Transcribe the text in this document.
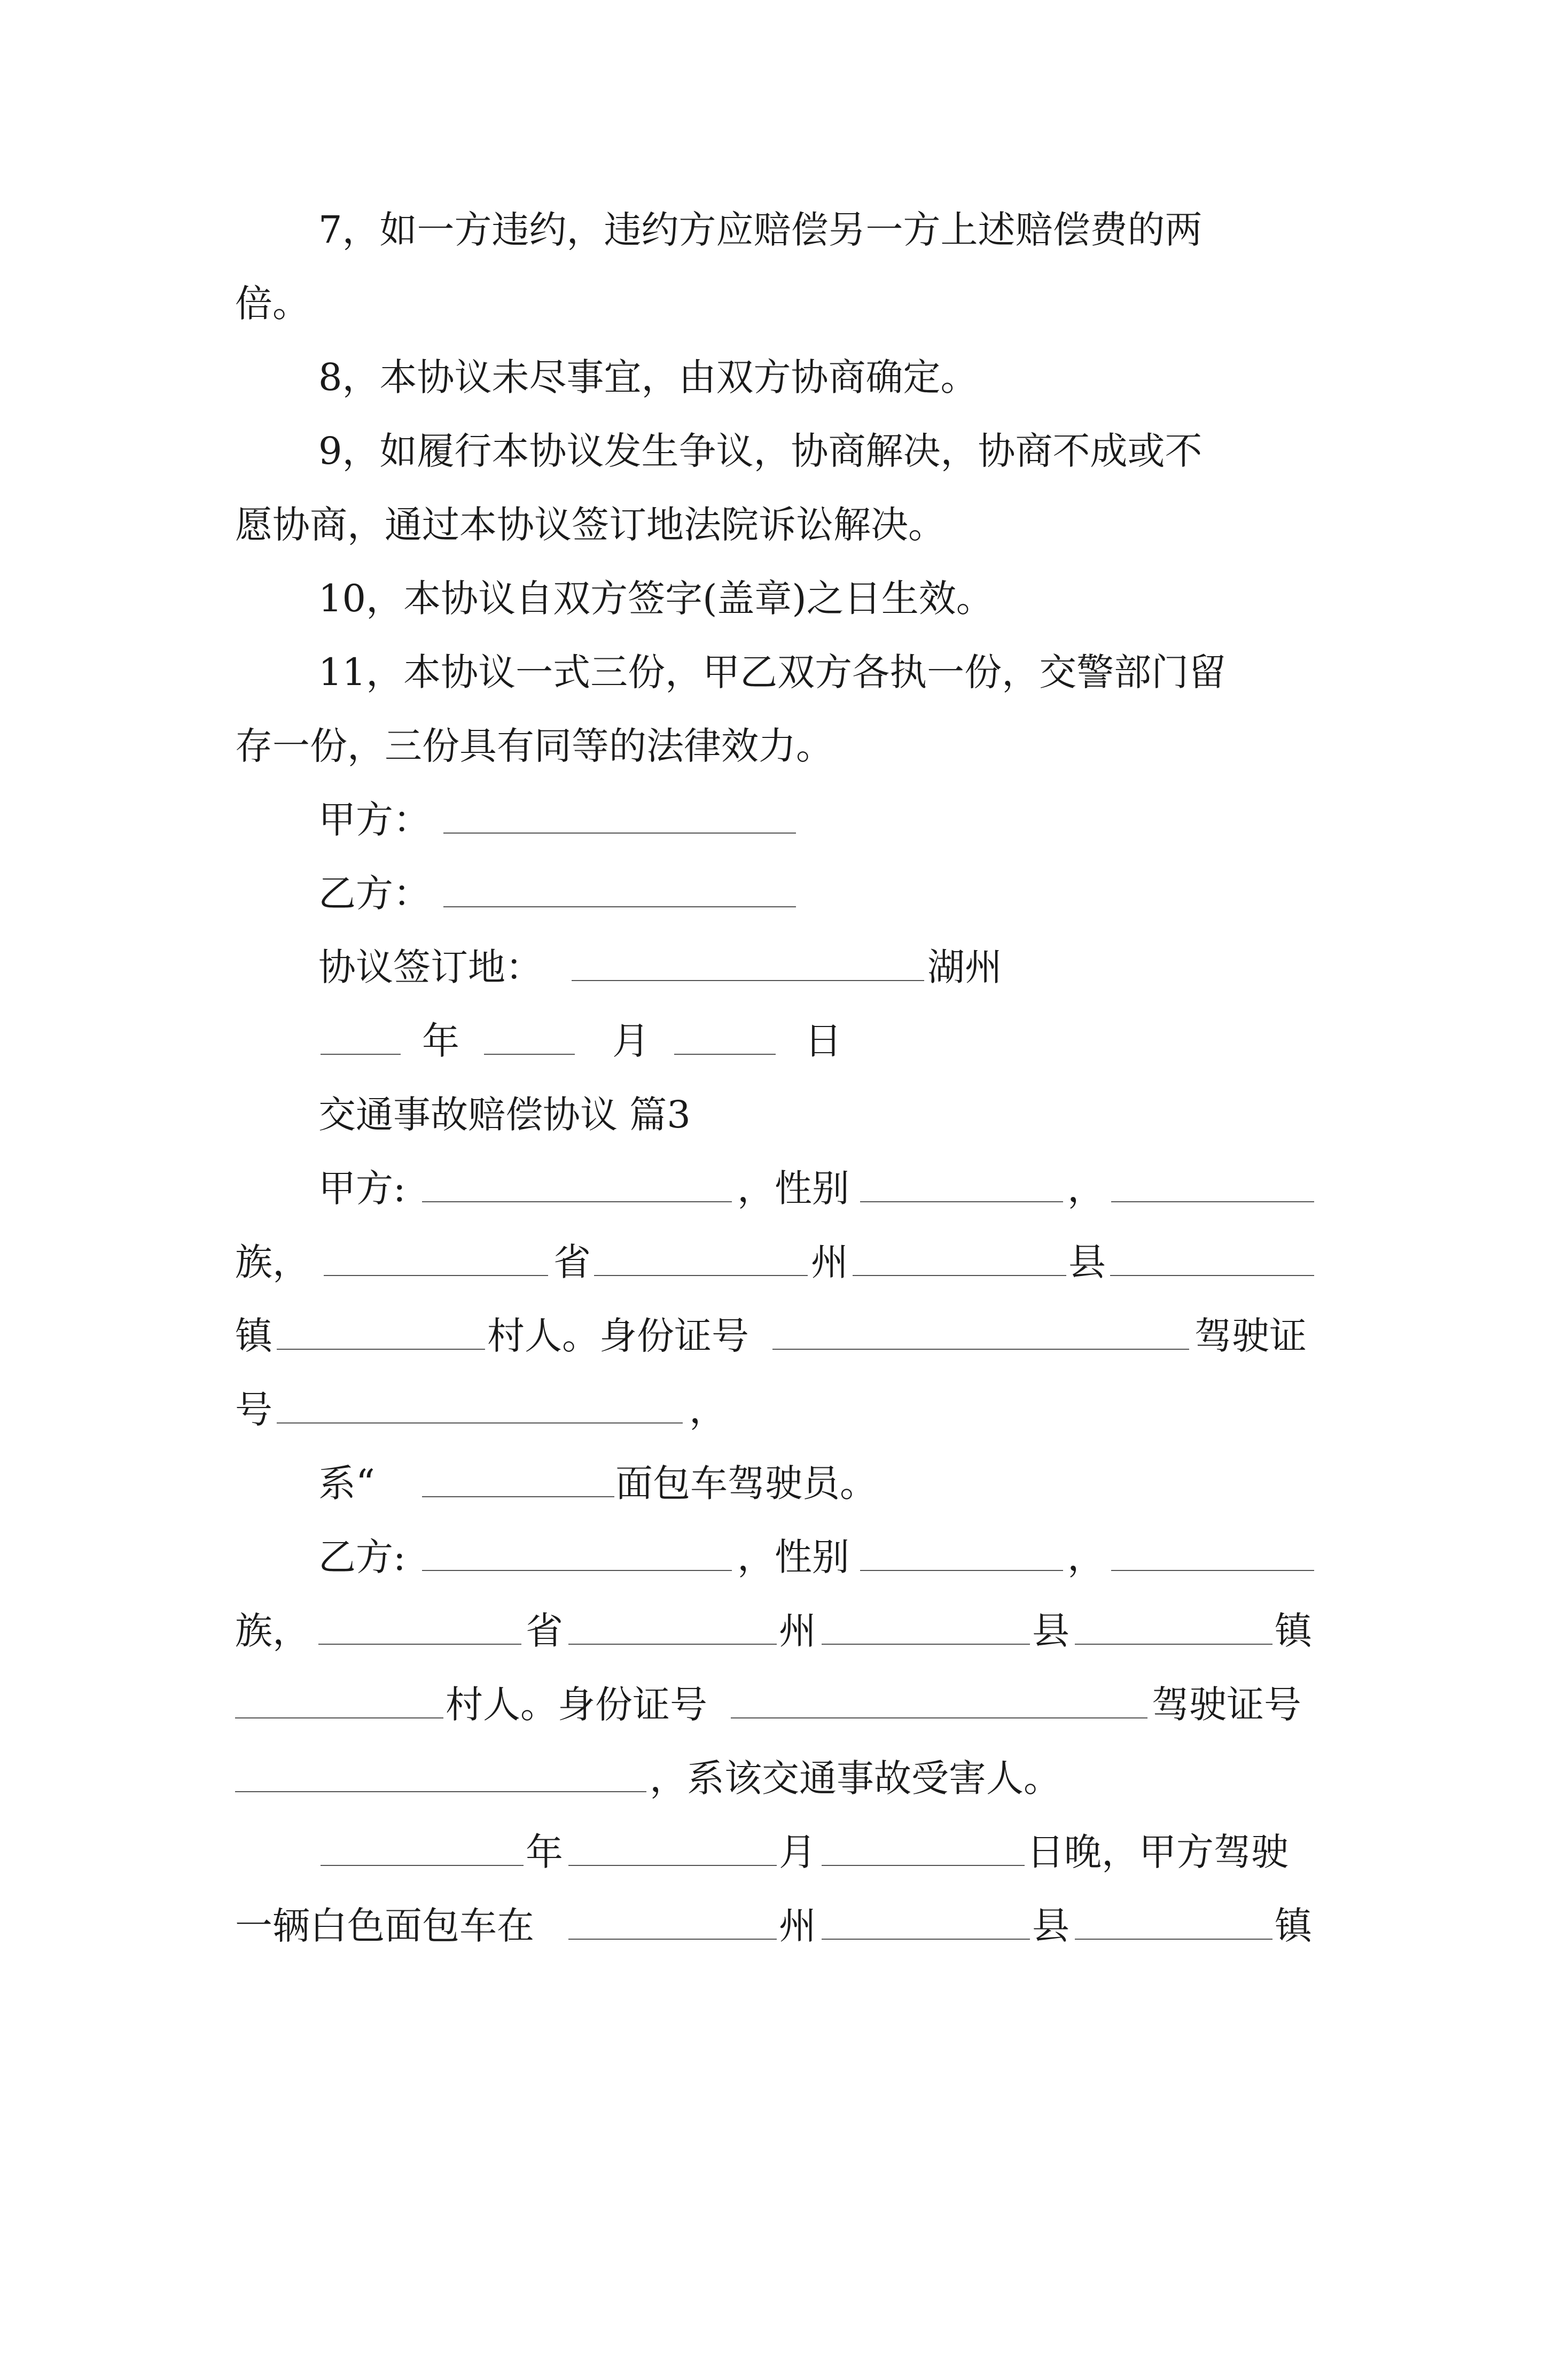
7，如一方违约，违约方应赔偿另一方上述赔偿费的两

倍。

8，本协议未尽事宜，由双方协商确定。

9，如履行本协议发生争议，协商解决，协商不成或不

愿协商，通过本协议签订地法院诉讼解决。

10，本协议自双方签字(盖章)之日生效。

11，本协议一式三份，甲乙双方各执一份，交警部门留

存一份，三份具有同等的法律效力。

甲方：

乙方：

协议签订地：

	湖州

年

	月

	日

交通事故赔偿协议 篇3

甲方:

	，性别

	，

族，

	省

	州

	县

镇

	村人。身份证号

	驾驶证

号

	，

系“

	面包车驾驶员。

乙方:

	，性别

	，

族，

	省

	州

	县

	镇

村人。身份证号

	驾驶证号

，系该交通事故受害人。

年

	月

	日晚，甲方驾驶

一辆白色面包车在

	州

	县

	镇
